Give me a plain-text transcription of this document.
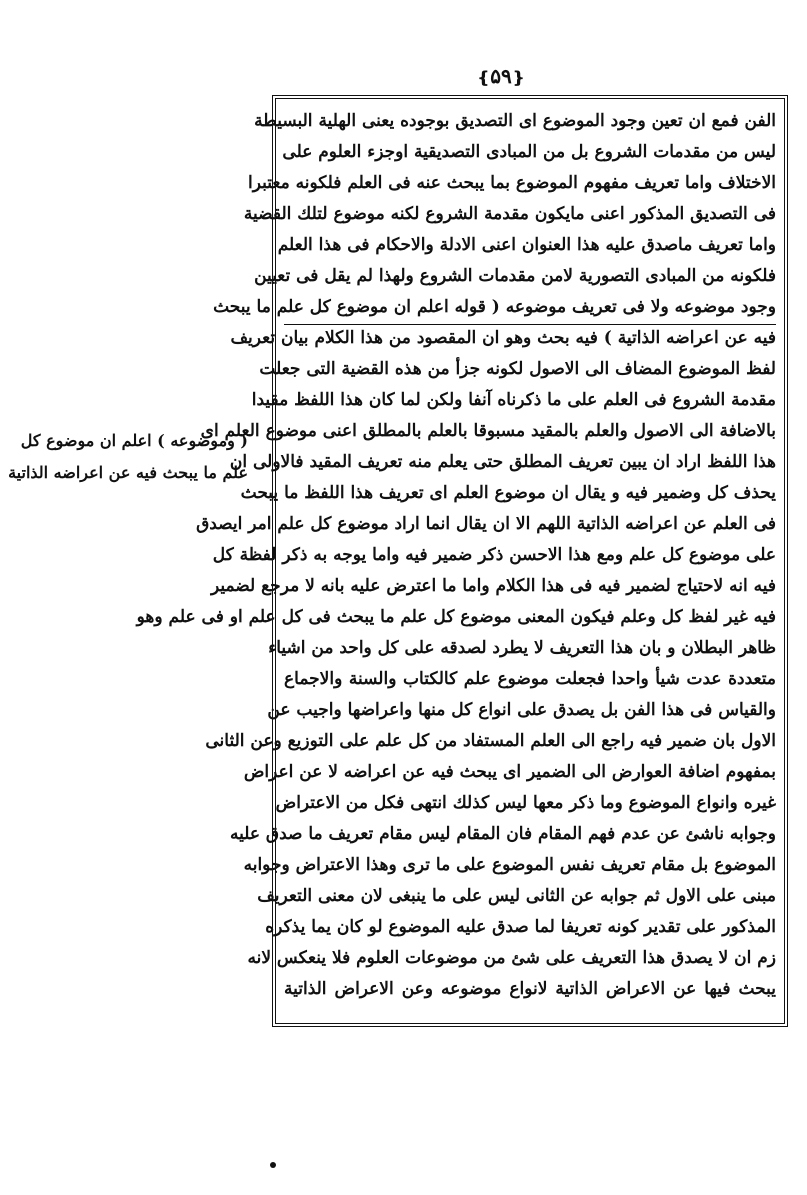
❴۵۹❵
الفن فمع ان تعين وجود الموضوع اى التصديق بوجوده يعنى الهلية البسيطة
ليس من مقدمات الشروع بل من المبادى التصديقية اوجزء العلوم على
الاختلاف واما تعريف مفهوم الموضوع بما يبحث عنه فى العلم فلكونه معتبرا
فى التصديق المذكور اعنى مايكون مقدمة الشروع لكنه موضوع لتلك القضية
واما تعريف ماصدق عليه هذا العنوان اعنى الادلة والاحكام فى هذا العلم
فلكونه من المبادى التصورية لامن مقدمات الشروع ولهذا لم يقل فى تعيين
وجود موضوعه ولا فى تعريف موضوعه ( قوله اعلم ان موضوع كل علم ما يبحث
فيه عن اعراضه الذاتية ) فيه بحث وهو ان المقصود من هذا الكلام بيان تعريف
لفظ الموضوع المضاف الى الاصول لكونه جزأ من هذه القضية التى جعلت
مقدمة الشروع فى العلم على ما ذكرناه آنفا ولكن لما كان هذا اللفظ مقيدا
بالاضافة الى الاصول والعلم بالمقيد مسبوقا بالعلم بالمطلق اعنى موضوع العلم اى
هذا اللفظ اراد ان يبين تعريف المطلق حتى يعلم منه تعريف المقيد فالاولى ان
يحذف كل وضمير فيه و يقال ان موضوع العلم اى تعريف هذا اللفظ ما يبحث
فى العلم عن اعراضه الذاتية اللهم الا ان يقال انما اراد موضوع كل علم امر ايصدق
على موضوع كل علم ومع هذا الاحسن ذكر ضمير فيه واما يوجه به ذكر لفظة كل
فيه انه لاحتياج لضمير فيه فى هذا الكلام واما ما اعترض عليه بانه لا مرجع لضمير
فيه غير لفظ كل وعلم فيكون المعنى موضوع كل علم ما يبحث فى كل علم او فى علم وهو
ظاهر البطلان و بان هذا التعريف لا يطرد لصدقه على كل واحد من اشياء
متعددة عدت شيأ واحدا فجعلت موضوع علم كالكتاب والسنة والاجماع
والقياس فى هذا الفن بل يصدق على انواع كل منها واعراضها واجيب عن
الاول بان ضمير فيه راجع الى العلم المستفاد من كل علم على التوزيع وعن الثانى
بمفهوم اضافة العوارض الى الضمير اى يبحث فيه عن اعراضه لا عن اعراض
غيره وانواع الموضوع وما ذكر معها ليس كذلك انتهى فكل من الاعتراض
وجوابه ناشئ عن عدم فهم المقام فان المقام ليس مقام تعريف ما صدق عليه
الموضوع بل مقام تعريف نفس الموضوع على ما ترى وهذا الاعتراض وجوابه
مبنى على الاول ثم جوابه عن الثانى ليس على ما ينبغى لان معنى التعريف
المذكور على تقدير كونه تعريفا لما صدق عليه الموضوع لو كان يما يذكره
زم ان لا يصدق هذا التعريف على شئ من موضوعات العلوم فلا ينعكس لانه
يبحث فيها عن الاعراض الذاتية لانواع موضوعه وعن الاعراض الذاتية
( وموضوعه ) اعلم ان موضوع كل
علم ما يبحث فيه عن اعراضه الذاتية
